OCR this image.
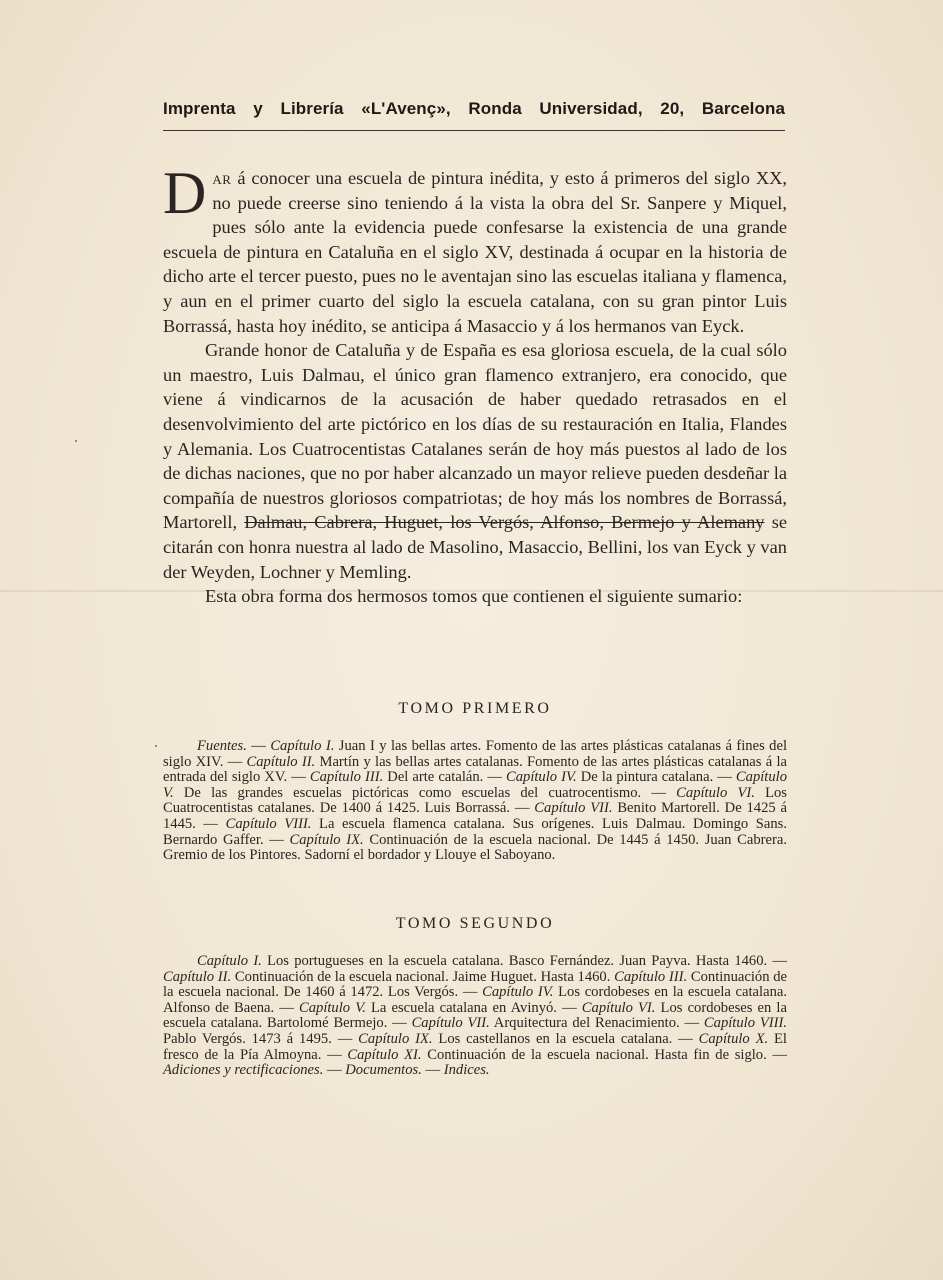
Imprenta y Librería «L'Avenç», Ronda Universidad, 20, Barcelona

Dar á conocer una escuela de pintura inédita, y esto á primeros del siglo XX, no puede creerse sino teniendo á la vista la obra del Sr. Sanpere y Miquel, pues sólo ante la evidencia puede confesarse la existencia de una grande escuela de pintura en Cataluña en el siglo XV, destinada á ocupar en la historia de dicho arte el tercer puesto, pues no le aventajan sino las escuelas italiana y flamenca, y aun en el primer cuarto del siglo la escuela catalana, con su gran pintor Luis Borrassá, hasta hoy inédito, se anticipa á Masaccio y á los hermanos van Eyck.

Grande honor de Cataluña y de España es esa gloriosa escuela, de la cual sólo un maestro, Luis Dalmau, el único gran flamenco extranjero, era conocido, que viene á vindicarnos de la acusación de haber quedado retrasados en el desenvolvimiento del arte pictórico en los días de su restauración en Italia, Flandes y Alemania. Los Cuatrocentistas Catalanes serán de hoy más puestos al lado de los de dichas naciones, que no por haber alcanzado un mayor relieve pueden desdeñar la compañía de nuestros gloriosos compatriotas; de hoy más los nombres de Borrassá, Martorell, Dalmau, Cabrera, Huguet, los Vergós, Alfonso, Bermejo y Alemany se citarán con honra nuestra al lado de Masolino, Masaccio, Bellini, los van Eyck y van der Weyden, Lochner y Memling.

Esta obra forma dos hermosos tomos que contienen el siguiente sumario:

TOMO PRIMERO

Fuentes. — Capítulo I. Juan I y las bellas artes. Fomento de las artes plásticas catalanas á fines del siglo XIV. — Capítulo II. Martín y las bellas artes catalanas. Fomento de las artes plásticas catalanas á la entrada del siglo XV. — Capítulo III. Del arte catalán. — Capítulo IV. De la pintura catalana. — Capítulo V. De las grandes escuelas pictóricas como escuelas del cuatrocentismo. — Capítulo VI. Los Cuatrocentistas catalanes. De 1400 á 1425. Luis Borrassá. — Capítulo VII. Benito Martorell. De 1425 á 1445. — Capítulo VIII. La escuela flamenca catalana. Sus orígenes. Luis Dalmau. Domingo Sans. Bernardo Gaffer. — Capítulo IX. Continuación de la escuela nacional. De 1445 á 1450. Juan Cabrera. Gremio de los Pintores. Sadorní el bordador y Llouye el Saboyano.

TOMO SEGUNDO

Capítulo I. Los portugueses en la escuela catalana. Basco Fernández. Juan Payva. Hasta 1460. — Capítulo II. Continuación de la escuela nacional. Jaime Huguet. Hasta 1460. Capítulo III. Continuación de la escuela nacional. De 1460 á 1472. Los Vergós. — Capítulo IV. Los cordobeses en la escuela catalana. Alfonso de Baena. — Capítulo V. La escuela catalana en Avinyó. — Capítulo VI. Los cordobeses en la escuela catalana. Bartolomé Bermejo. — Capítulo VII. Arquitectura del Renacimiento. — Capítulo VIII. Pablo Vergós. 1473 á 1495. — Capítulo IX. Los castellanos en la escuela catalana. — Capítulo X. El fresco de la Pía Almoyna. — Capítulo XI. Continuación de la escuela nacional. Hasta fin de siglo. — Adiciones y rectificaciones. — Documentos. — Indices.
